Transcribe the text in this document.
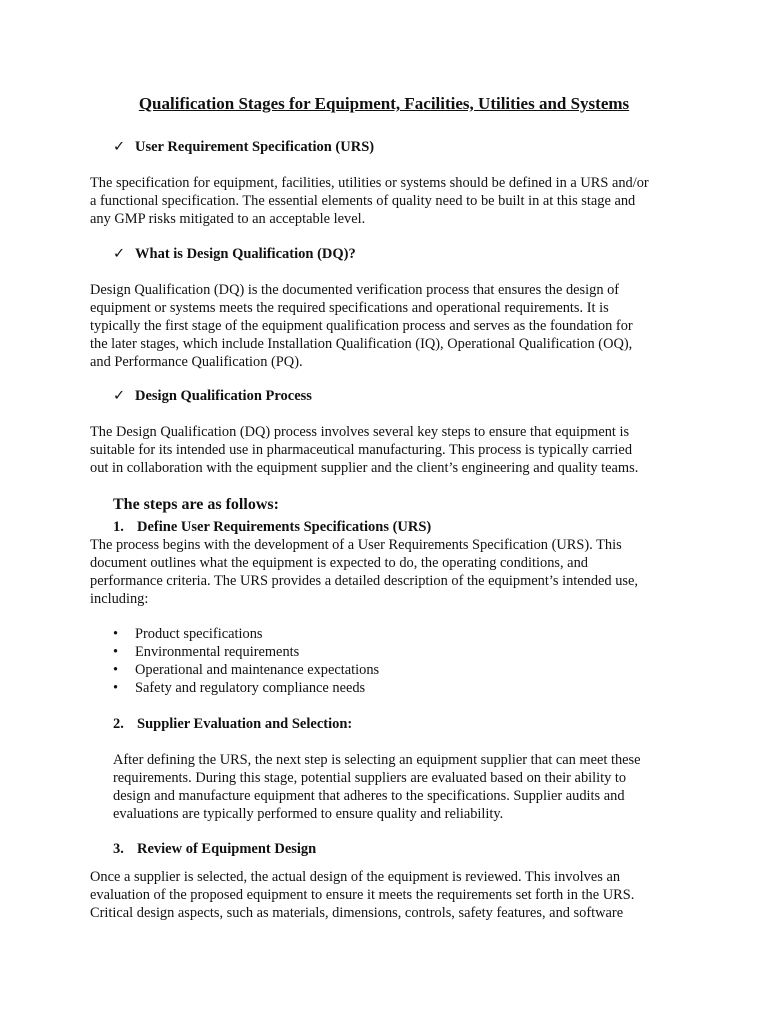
Qualification Stages for Equipment, Facilities, Utilities and Systems
✓ User Requirement Specification (URS)
The specification for equipment, facilities, utilities or systems should be defined in a URS and/or
a functional specification. The essential elements of quality need to be built in at this stage and
any GMP risks mitigated to an acceptable level.
✓ What is Design Qualification (DQ)?
Design Qualification (DQ) is the documented verification process that ensures the design of
equipment or systems meets the required specifications and operational requirements. It is
typically the first stage of the equipment qualification process and serves as the foundation for
the later stages, which include Installation Qualification (IQ), Operational Qualification (OQ),
and Performance Qualification (PQ).
✓ Design Qualification Process
The Design Qualification (DQ) process involves several key steps to ensure that equipment is
suitable for its intended use in pharmaceutical manufacturing. This process is typically carried
out in collaboration with the equipment supplier and the client’s engineering and quality teams.
The steps are as follows:
1. Define User Requirements Specifications (URS)
The process begins with the development of a User Requirements Specification (URS). This
document outlines what the equipment is expected to do, the operating conditions, and
performance criteria. The URS provides a detailed description of the equipment’s intended use,
including:
• Product specifications
• Environmental requirements
• Operational and maintenance expectations
• Safety and regulatory compliance needs
2. Supplier Evaluation and Selection:
After defining the URS, the next step is selecting an equipment supplier that can meet these
requirements. During this stage, potential suppliers are evaluated based on their ability to
design and manufacture equipment that adheres to the specifications. Supplier audits and
evaluations are typically performed to ensure quality and reliability.
3. Review of Equipment Design
Once a supplier is selected, the actual design of the equipment is reviewed. This involves an
evaluation of the proposed equipment to ensure it meets the requirements set forth in the URS.
Critical design aspects, such as materials, dimensions, controls, safety features, and software
